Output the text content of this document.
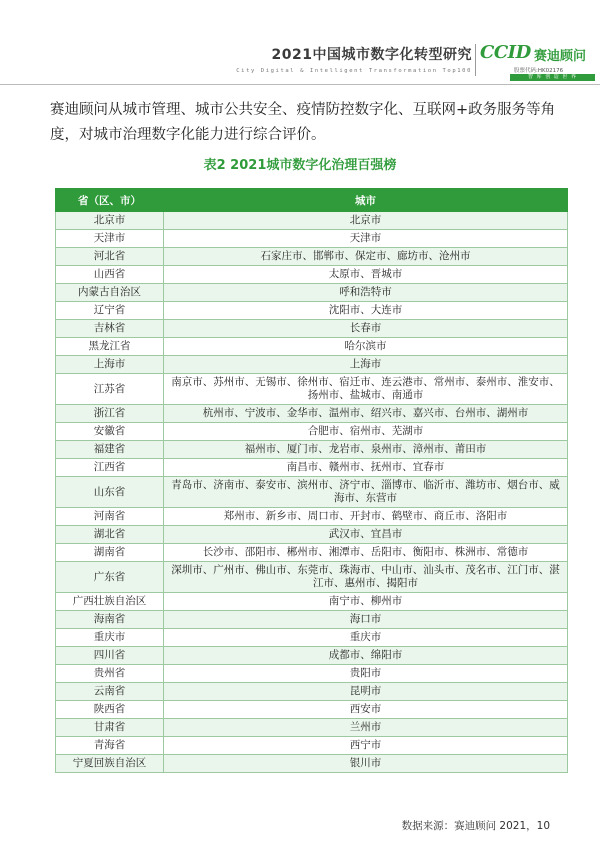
2021中国城市数字化转型研究
City Digital & Intelligent Transformation Top100
CCID 赛迪顾问
股票代码:HK02176
智 库 创 造 世 界

赛迪顾问从城市管理、城市公共安全、疫情防控数字化、互联网+政务服务等角度，对城市治理数字化能力进行综合评价。

表2 2021城市数字化治理百强榜
省（区、市）	城市
北京市	北京市
天津市	天津市
河北省	石家庄市、邯郸市、保定市、廊坊市、沧州市
山西省	太原市、晋城市
内蒙古自治区	呼和浩特市
辽宁省	沈阳市、大连市
吉林省	长春市
黑龙江省	哈尔滨市
上海市	上海市
江苏省	南京市、苏州市、无锡市、徐州市、宿迁市、连云港市、常州市、泰州市、淮安市、扬州市、盐城市、南通市
浙江省	杭州市、宁波市、金华市、温州市、绍兴市、嘉兴市、台州市、湖州市
安徽省	合肥市、宿州市、芜湖市
福建省	福州市、厦门市、龙岩市、泉州市、漳州市、莆田市
江西省	南昌市、赣州市、抚州市、宜春市
山东省	青岛市、济南市、泰安市、滨州市、济宁市、淄博市、临沂市、潍坊市、烟台市、威海市、东营市
河南省	郑州市、新乡市、周口市、开封市、鹤壁市、商丘市、洛阳市
湖北省	武汉市、宜昌市
湖南省	长沙市、邵阳市、郴州市、湘潭市、岳阳市、衡阳市、株洲市、常德市
广东省	深圳市、广州市、佛山市、东莞市、珠海市、中山市、汕头市、茂名市、江门市、湛江市、惠州市、揭阳市
广西壮族自治区	南宁市、柳州市
海南省	海口市
重庆市	重庆市
四川省	成都市、绵阳市
贵州省	贵阳市
云南省	昆明市
陕西省	西安市
甘肃省	兰州市
青海省	西宁市
宁夏回族自治区	银川市
数据来源：赛迪顾问 2021，10
